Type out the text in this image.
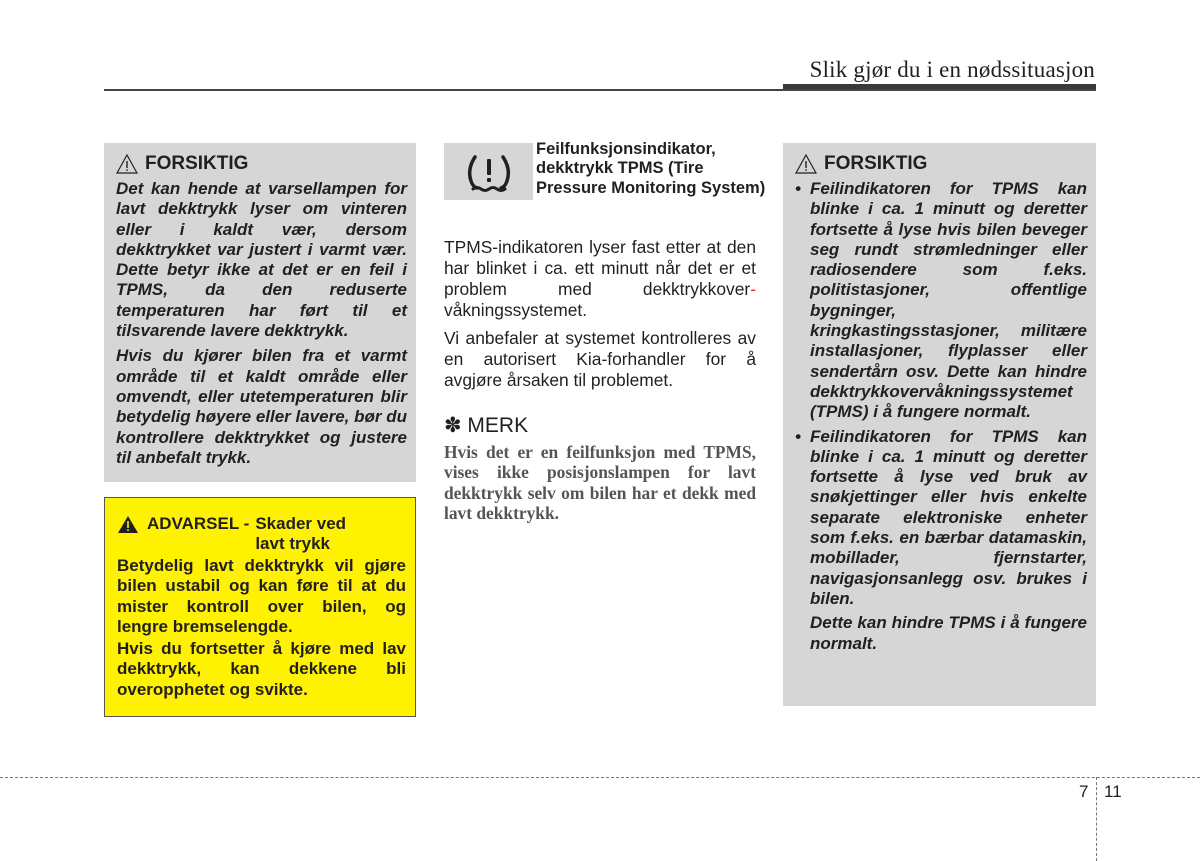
Slik gjør du i en nødssituasjon
FORSIKTIG

Det kan hende at varsellampen for lavt dekktrykk lyser om vinteren eller i kaldt vær, dersom dekktrykket var justert i varmt vær. Dette betyr ikke at det er en feil i TPMS, da den reduserte temperaturen har ført til et tilsvarende lavere dekktrykk.

Hvis du kjører bilen fra et varmt område til et kaldt område eller omvendt, eller utetemperaturen blir betydelig høyere eller lavere, bør du kontrollere dekktrykket og justere til anbefalt trykk.

ADVARSEL - Skader ved lavt trykk

Betydelig lavt dekktrykk vil gjøre bilen ustabil og kan føre til at du mister kontroll over bilen, og lengre bremselengde.

Hvis du fortsetter å kjøre med lav dekktrykk, kan dekkene bli overopphetet og svikte.

Feilfunksjonsindikator, dekktrykk TPMS (Tire Pressure Monitoring System)

TPMS-indikatoren lyser fast etter at den har blinket i ca. ett minutt når det er et problem med dekktrykkover- våkningssystemet.

Vi anbefaler at systemet kontrolleres av en autorisert Kia-forhandler for å avgjøre årsaken til problemet.

✽ MERK
Hvis det er en feilfunksjon med TPMS, vises ikke posisjonslampen for lavt dekktrykk selv om bilen har et dekk med lavt dekktrykk.
FORSIKTIG
• Feilindikatoren for TPMS kan blinke i ca. 1 minutt og deretter fortsette å lyse hvis bilen beveger seg rundt strømledninger eller radiosendere som f.eks. politistasjoner, offentlige bygninger, kringkastingsstasjoner, militære installasjoner, flyplasser eller sendertårn osv. Dette kan hindre dekktrykkovervåkningssystemet (TPMS) i å fungere normalt.
• Feilindikatoren for TPMS kan blinke i ca. 1 minutt og deretter fortsette å lyse ved bruk av snøkjettinger eller hvis enkelte separate elektroniske enheter som f.eks. en bærbar datamaskin, mobillader, fjernstarter, navigasjonsanlegg osv. brukes i bilen.
Dette kan hindre TPMS i å fungere normalt.
7 11
